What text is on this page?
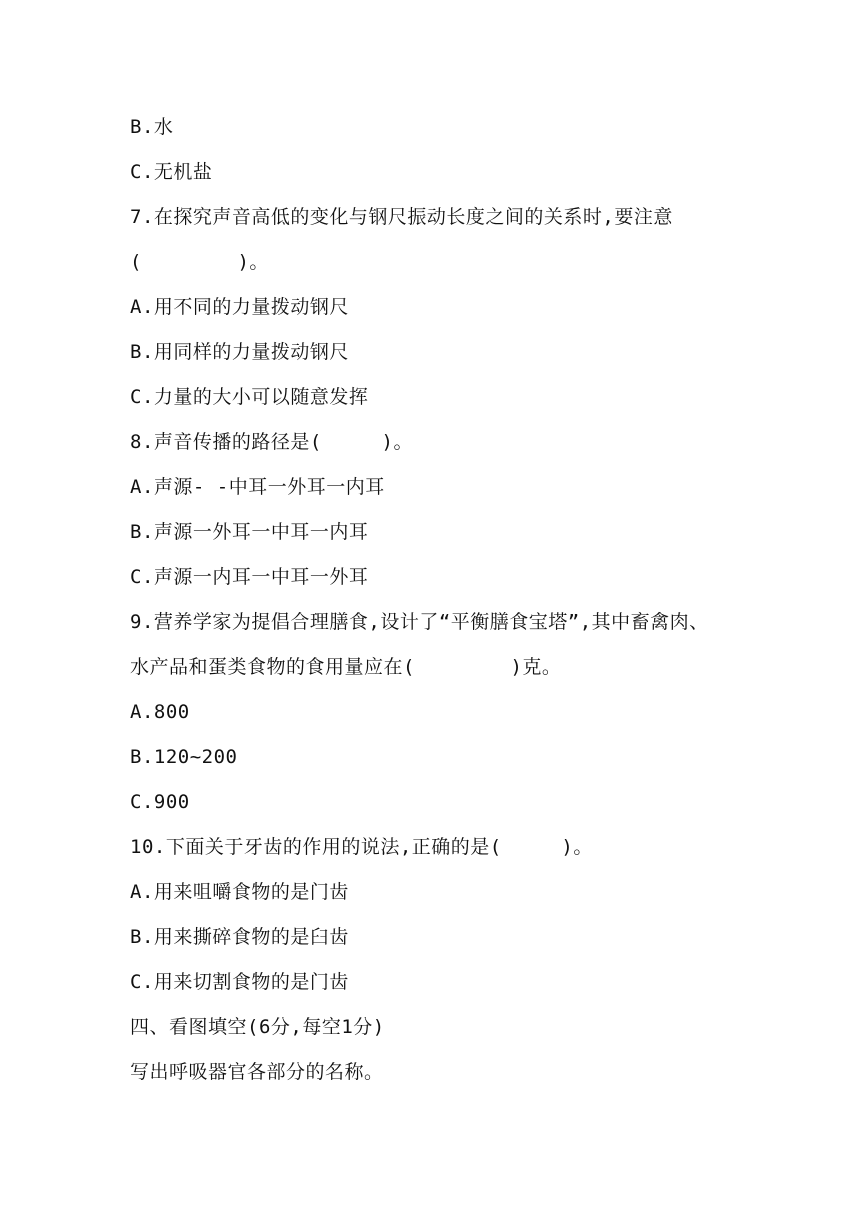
B.水
C.无机盐
7.在探究声音高低的变化与钢尺振动长度之间的关系时,要注意
(        )。
A.用不同的力量拨动钢尺
B.用同样的力量拨动钢尺
C.力量的大小可以随意发挥
8.声音传播的路径是(     )。
A.声源- -中耳一外耳一内耳
B.声源一外耳一中耳一内耳
C.声源一内耳一中耳一外耳
9.营养学家为提倡合理膳食,设计了“平衡膳食宝塔”,其中畜禽肉、
水产品和蛋类食物的食用量应在(        )克。
A.800
B.120~200
C.900
10.下面关于牙齿的作用的说法,正确的是(     )。
A.用来咀嚼食物的是门齿
B.用来撕碎食物的是臼齿
C.用来切割食物的是门齿
四、看图填空(6分,每空1分)
写出呼吸器官各部分的名称。
